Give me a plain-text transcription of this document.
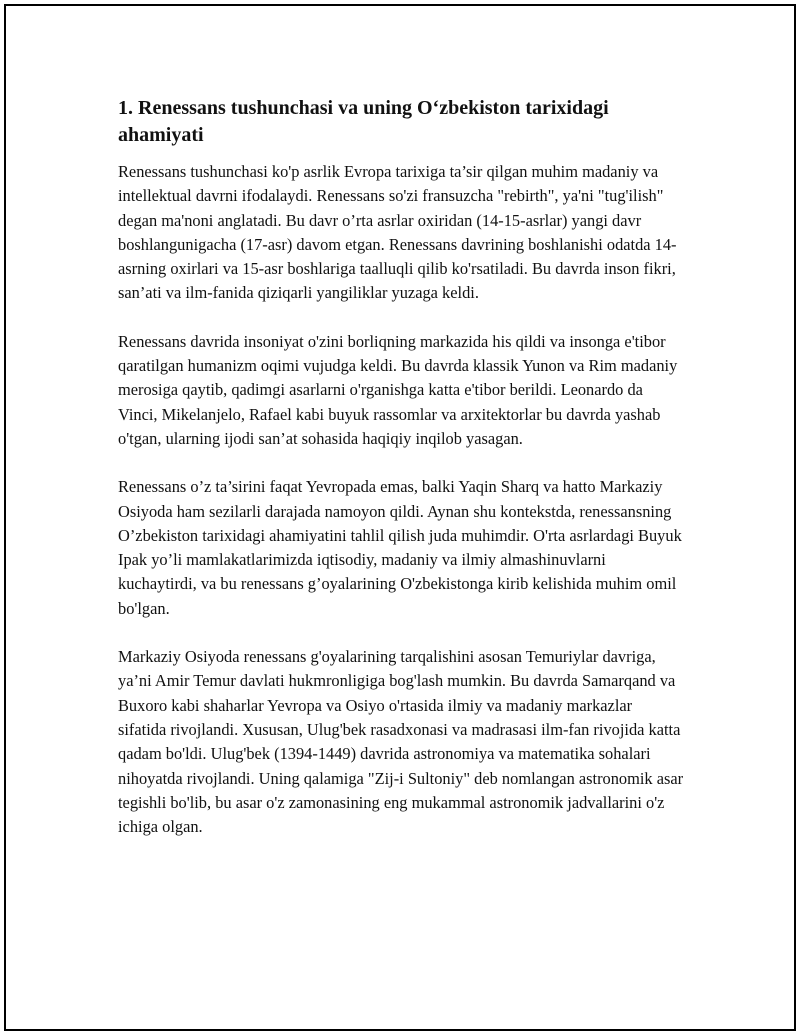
1. Renessans tushunchasi va uning O‘zbekiston tarixidagi ahamiyati

Renessans tushunchasi ko'p asrlik Evropa tarixiga ta’sir qilgan muhim madaniy va intellektual davrni ifodalaydi. Renessans so'zi fransuzcha "rebirth", ya'ni "tug'ilish" degan ma'noni anglatadi. Bu davr o’rta asrlar oxiridan (14-15-asrlar) yangi davr boshlangunigacha (17-asr) davom etgan. Renessans davrining boshlanishi odatda 14-asrning oxirlari va 15-asr boshlariga taalluqli qilib ko'rsatiladi. Bu davrda inson fikri, san’ati va ilm-fanida qiziqarli yangiliklar yuzaga keldi.

Renessans davrida insoniyat o'zini borliqning markazida his qildi va insonga e'tibor qaratilgan humanizm oqimi vujudga keldi. Bu davrda klassik Yunon va Rim madaniy merosiga qaytib, qadimgi asarlarni o'rganishga katta e'tibor berildi. Leonardo da Vinci, Mikelanjelo, Rafael kabi buyuk rassomlar va arxitektorlar bu davrda yashab o'tgan, ularning ijodi san’at sohasida haqiqiy inqilob yasagan.

Renessans o’z ta’sirini faqat Yevropada emas, balki Yaqin Sharq va hatto Markaziy Osiyoda ham sezilarli darajada namoyon qildi. Aynan shu kontekstda, renessansning O’zbekiston tarixidagi ahamiyatini tahlil qilish juda muhimdir. O'rta asrlardagi Buyuk Ipak yo’li mamlakatlarimizda iqtisodiy, madaniy va ilmiy almashinuvlarni kuchaytirdi, va bu renessans g’oyalarining O'zbekistonga kirib kelishida muhim omil bo'lgan.

Markaziy Osiyoda renessans g'oyalarining tarqalishini asosan Temuriylar davriga, ya’ni Amir Temur davlati hukmronligiga bog'lash mumkin. Bu davrda Samarqand va Buxoro kabi shaharlar Yevropa va Osiyo o'rtasida ilmiy va madaniy markazlar sifatida rivojlandi. Xususan, Ulug'bek rasadxonasi va madrasasi ilm-fan rivojida katta qadam bo'ldi. Ulug'bek (1394-1449) davrida astronomiya va matematika sohalari nihoyatda rivojlandi. Uning qalamiga "Zij-i Sultoniy" deb nomlangan astronomik asar tegishli bo'lib, bu asar o'z zamonasining eng mukammal astronomik jadvallarini o'z ichiga olgan.
